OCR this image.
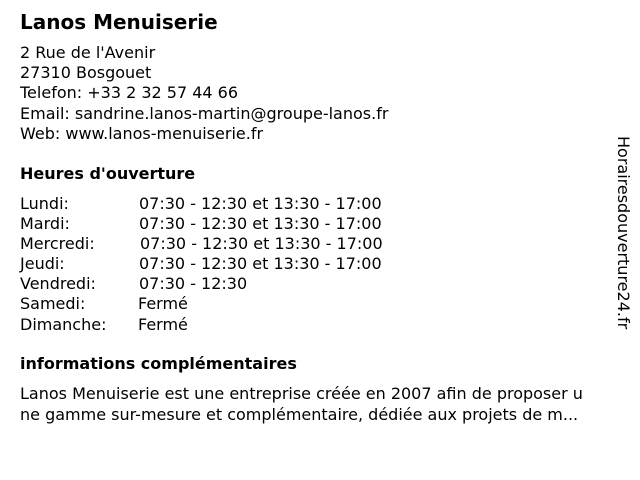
Lanos Menuiserie
2 Rue de l'Avenir
27310 Bosgouet
Telefon: +33 2 32 57 44 66
Email: sandrine.lanos-martin@groupe-lanos.fr
Web: www.lanos-menuiserie.fr
Heures d'ouverture
Lundi:	07:30 - 12:30 et 13:30 - 17:00
Mardi:	07:30 - 12:30 et 13:30 - 17:00
Mercredi:	07:30 - 12:30 et 13:30 - 17:00
Jeudi:	07:30 - 12:30 et 13:30 - 17:00
Vendredi:	07:30 - 12:30
Samedi:	Fermé
Dimanche: Fermé
informations complémentaires
Lanos Menuiserie est une entreprise créée en 2007 afin de proposer u
ne gamme sur-mesure et complémentaire, dédiée aux projets de m...
Horairesdouverture24.fr
